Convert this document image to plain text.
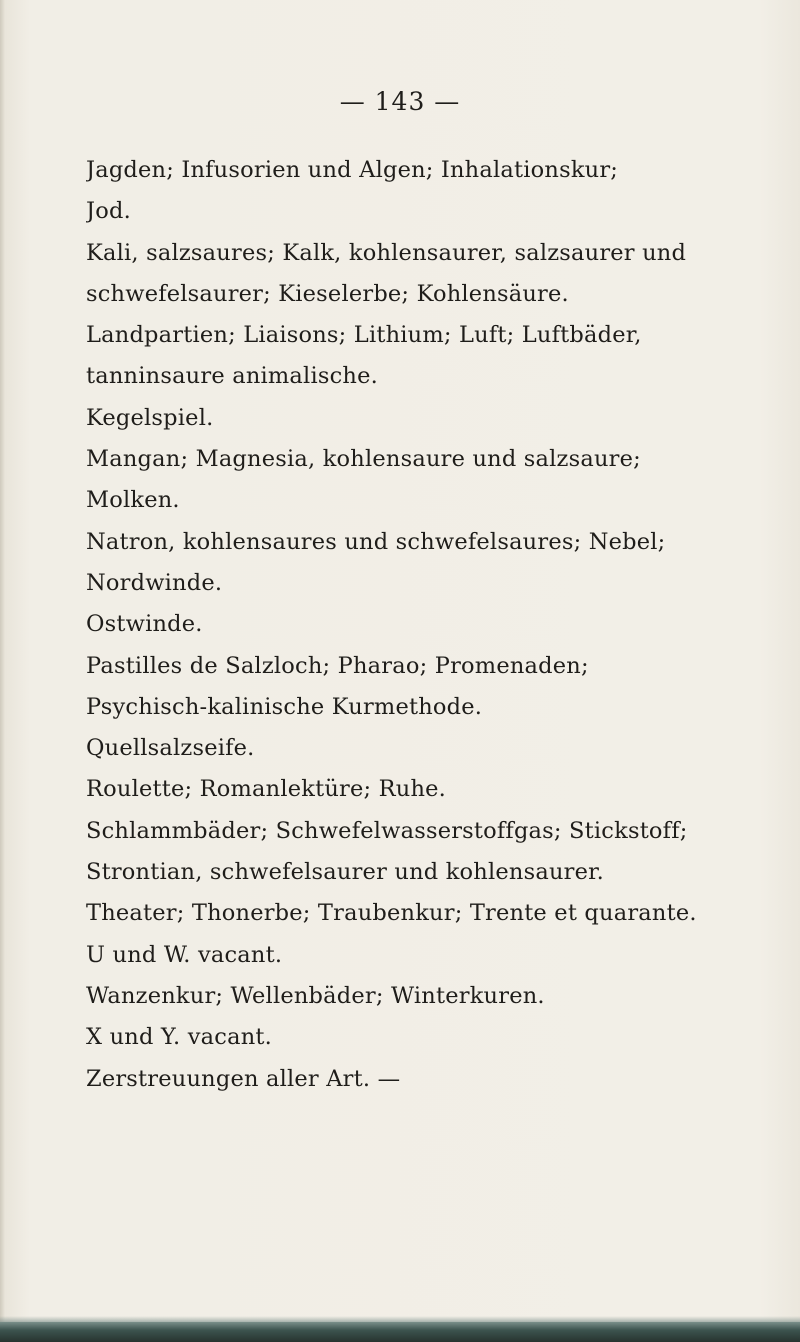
— 143 —
Jagden; Infusorien und Algen; Inhalationskur;
Jod.
Kali, salzsaures; Kalk, kohlensaurer, salzsaurer und
schwefelsaurer; Kieselerbe; Kohlensäure.
Landpartien; Liaisons; Lithium; Luft; Luftbäder,
tanninsaure animalische.
Kegelspiel.
Mangan; Magnesia, kohlensaure und salzsaure;
Molken.
Natron, kohlensaures und schwefelsaures; Nebel;
Nordwinde.
Ostwinde.
Pastilles de Salzloch; Pharao; Promenaden;
Psychisch-kalinische Kurmethode.
Quellsalzseife.
Roulette; Romanlektüre; Ruhe.
Schlammbäder; Schwefelwasserstoffgas; Stickstoff;
Strontian, schwefelsaurer und kohlensaurer.
Theater; Thonerbe; Traubenkur; Trente et quarante.
U und W. vacant.
Wanzenkur; Wellenbäder; Winterkuren.
X und Y. vacant.
Zerstreuungen aller Art. —
